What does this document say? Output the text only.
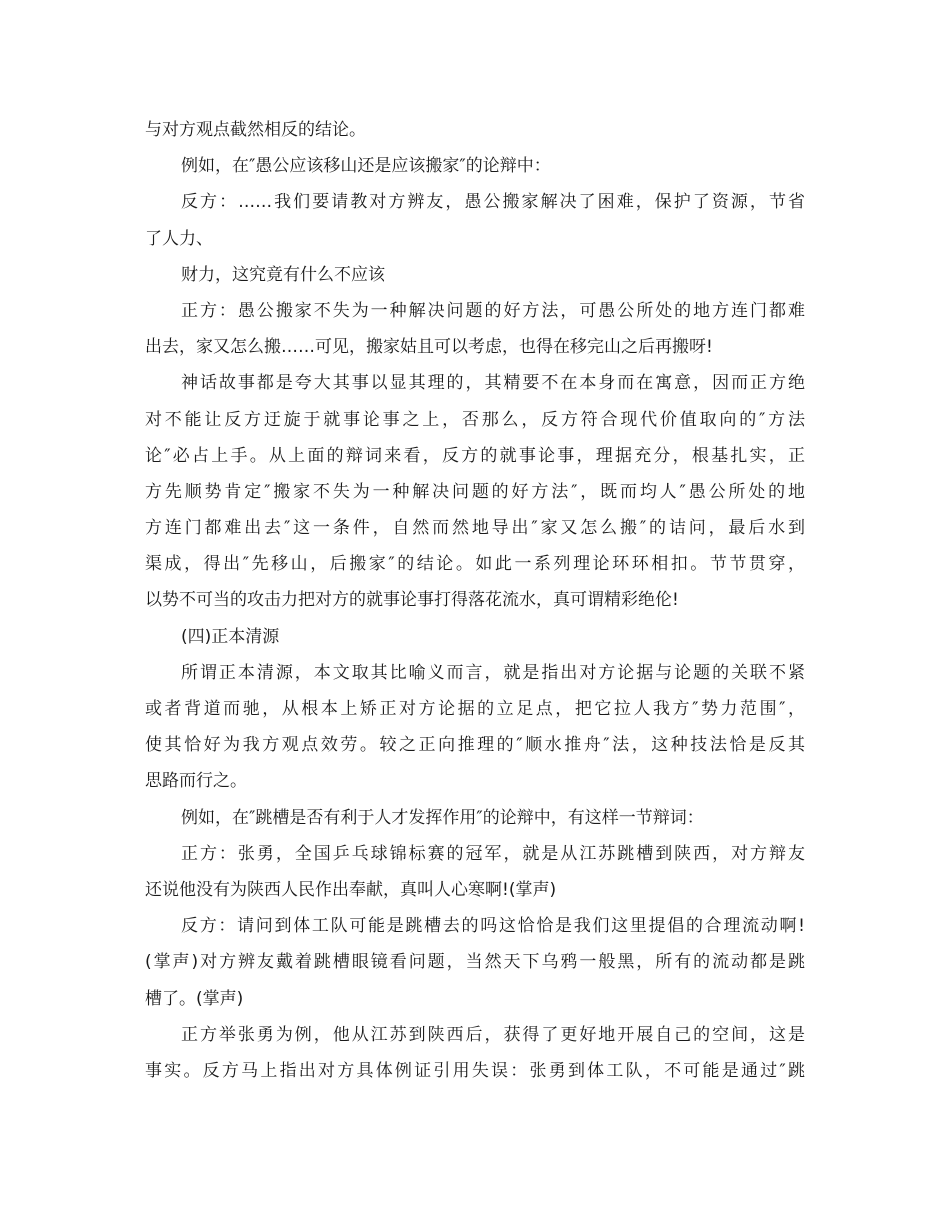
与对方观点截然相反的结论。
例如，在″愚公应该移山还是应该搬家″的论辩中：
反方：……我们要请教对方辨友，愚公搬家解决了困难，保护了资源，节省
了人力、
财力，这究竟有什么不应该
正方：愚公搬家不失为一种解决问题的好方法，可愚公所处的地方连门都难
出去，家又怎么搬……可见，搬家姑且可以考虑，也得在移完山之后再搬呀!
神话故事都是夸大其事以显其理的，其精要不在本身而在寓意，因而正方绝
对不能让反方迂旋于就事论事之上，否那么，反方符合现代价值取向的″方法
论″必占上手。从上面的辩词来看，反方的就事论事，理据充分，根基扎实，正
方先顺势肯定″搬家不失为一种解决问题的好方法″，既而均人″愚公所处的地
方连门都难出去″这一条件，自然而然地导出″家又怎么搬″的诘问，最后水到
渠成，得出″先移山，后搬家″的结论。如此一系列理论环环相扣。节节贯穿，
以势不可当的攻击力把对方的就事论事打得落花流水，真可谓精彩绝伦!
(四)正本清源
所谓正本清源，本文取其比喻义而言，就是指出对方论据与论题的关联不紧
或者背道而驰，从根本上矫正对方论据的立足点，把它拉人我方″势力范围″，
使其恰好为我方观点效劳。较之正向推理的″顺水推舟″法，这种技法恰是反其
思路而行之。
例如，在″跳槽是否有利于人才发挥作用″的论辩中，有这样一节辩词：
正方：张勇，全国乒乓球锦标赛的冠军，就是从江苏跳槽到陕西，对方辩友
还说他没有为陕西人民作出奉献，真叫人心寒啊!(掌声)
反方：请问到体工队可能是跳槽去的吗这恰恰是我们这里提倡的合理流动啊!
(掌声)对方辨友戴着跳槽眼镜看问题，当然天下乌鸦一般黑，所有的流动都是跳
槽了。(掌声)
正方举张勇为例，他从江苏到陕西后，获得了更好地开展自己的空间，这是
事实。反方马上指出对方具体例证引用失误：张勇到体工队，不可能是通过″跳
